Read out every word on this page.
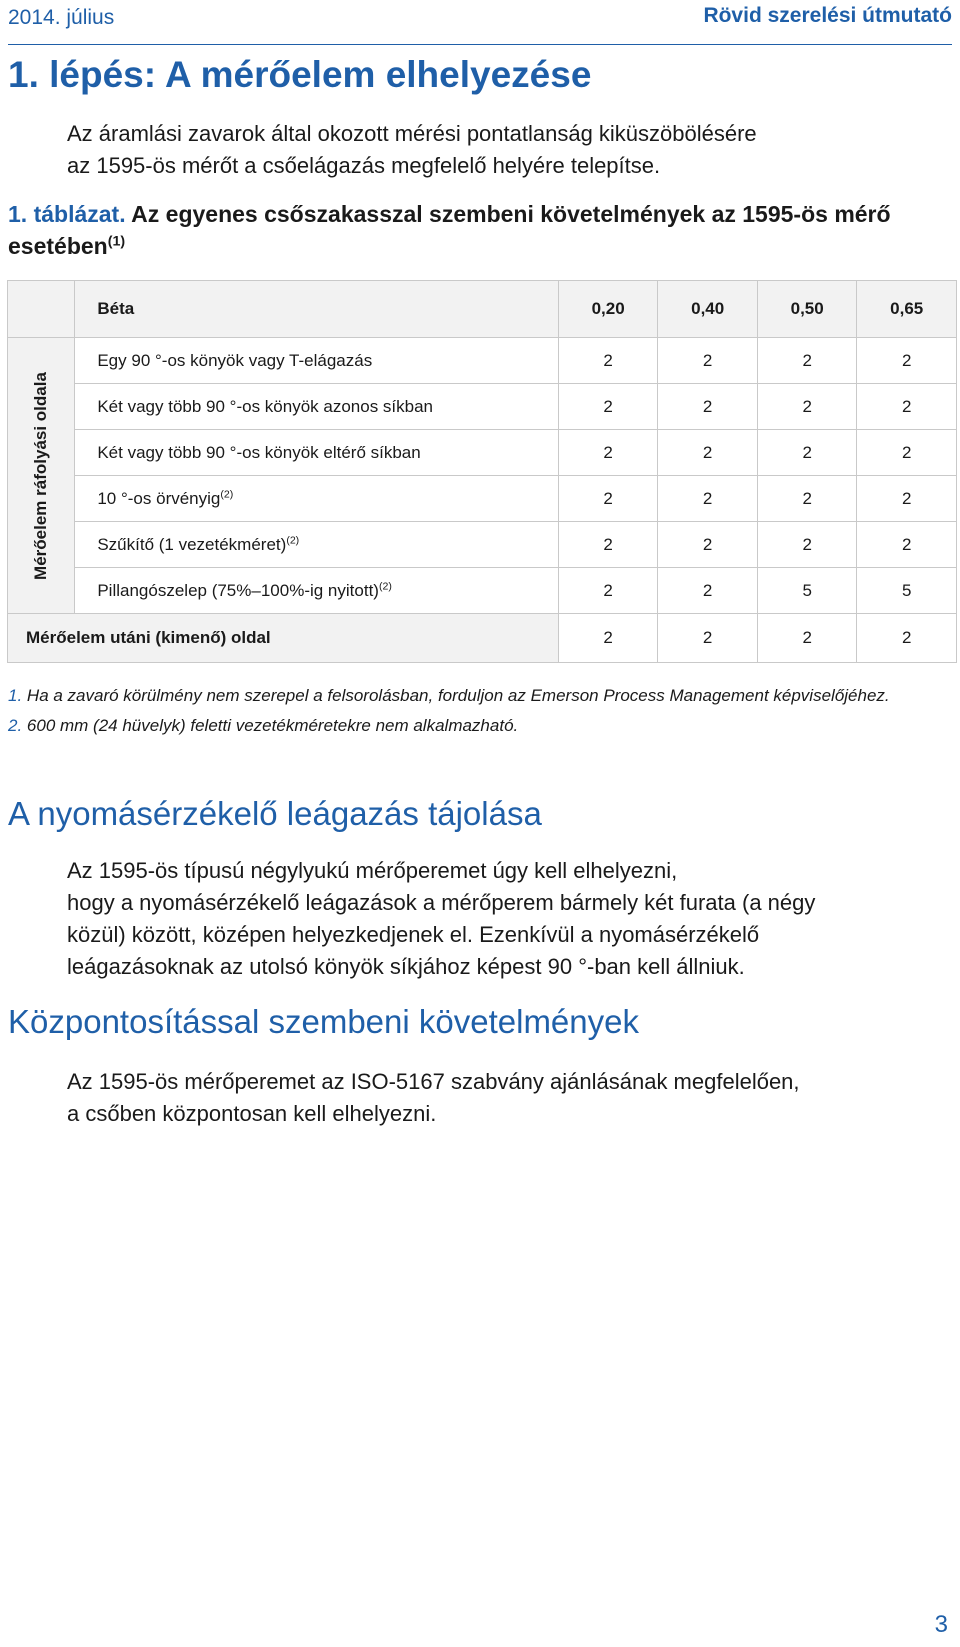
2014. július	Rövid szerelési útmutató
1. lépés: A mérőelem elhelyezése
Az áramlási zavarok által okozott mérési pontatlanság kiküszöbölésére
az 1595-ös mérőt a csőelágazás megfelelő helyére telepítse.
1. táblázat. Az egyenes csőszakasszal szembeni követelmények az 1595-ös mérő esetében$^{(1)}$
	Béta	0,20	0,40	0,50	0,65

Mérőelem ráfolyási oldala	Egy 90 °-os könyök vagy T-elágazás	2	2	2	2
	Két vagy több 90 °-os könyök azonos síkban	2	2	2	2
	Két vagy több 90 °-os könyök eltérő síkban	2	2	2	2
	10 °-os örvényig$^{(2)}$	2	2	2	2
	Szűkítő (1 vezetékméret)$^{(2)}$	2	2	2	2
	Pillangószelep (75%–100%-ig nyitott)$^{(2)}$	2	2	5	5
Mérőelem utáni (kimenő) oldal		2	2	2	2

1. Ha a zavaró körülmény nem szerepel a felsorolásban, forduljon az Emerson Process Management képviselőjéhez.

2. 600 mm (24 hüvelyk) feletti vezetékméretekre nem alkalmazható.

A nyomásérzékelő leágazás tájolása
Az 1595-ös típusú négylyukú mérőperemet úgy kell elhelyezni,
hogy a nyomásérzékelő leágazások a mérőperem bármely két furata (a négy
közül) között, középen helyezkedjenek el. Ezenkívül a nyomásérzékelő
leágazásoknak az utolsó könyök síkjához képest 90 °-ban kell állniuk.
Központosítással szembeni követelmények
Az 1595-ös mérőperemet az ISO-5167 szabvány ajánlásának megfelelően,
a csőben központosan kell elhelyezni.
3
